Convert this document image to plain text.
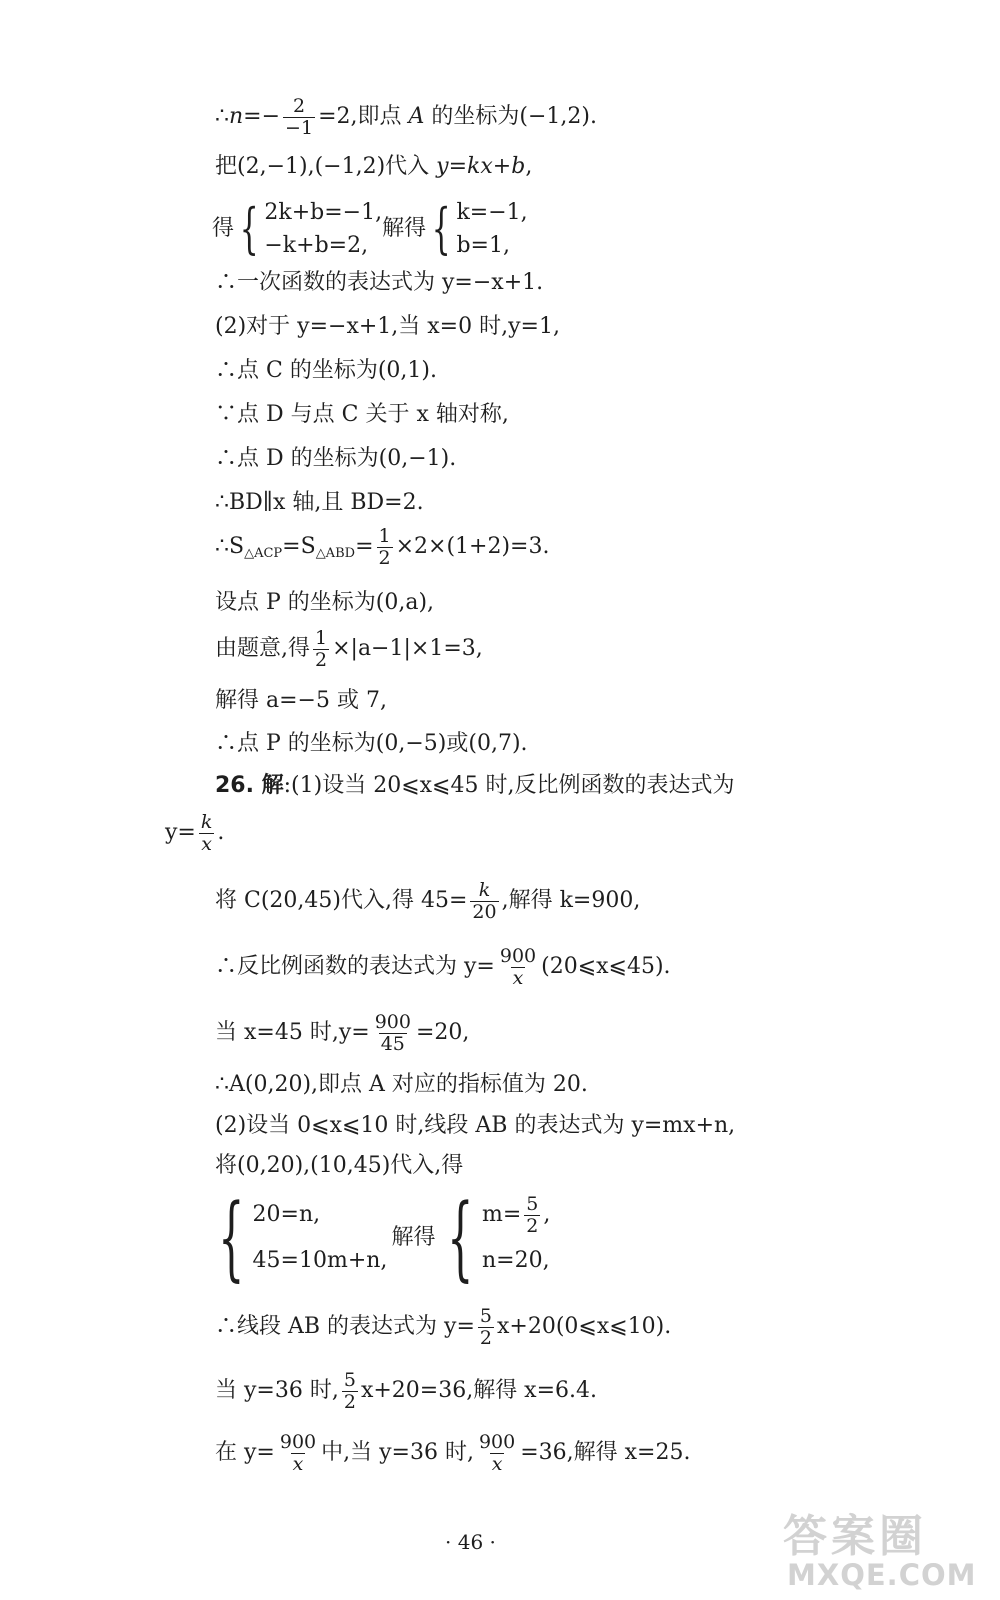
∴n=− $\frac{2}{-1} =2$,即点 A 的坐标为(−1,2).
把(2,−1),(−1,2)代入 y=kx+b,
得 { 2k+b=−1,
−k+b=2,
解得 { k=−1,
b=1,
∴一次函数的表达式为 y=−x+1.
(2)对于 y=−x+1,当 x=0 时,y=1,
∴点 C 的坐标为(0,1).
∵点 D 与点 C 关于 x 轴对称,
∴点 D 的坐标为(0,−1).
∴BD∥x 轴,且 BD=2.
$\therefore S_{\triangle ACP}=S_{\triangle ABD}= \frac{1}{2} \times 2\times(1+2)=3$.
设点 P 的坐标为(0,a),
由题意,得 $\frac{1}{2} \times|a-1|\times 1=3$,
解得 a=−5 或 7,
∴点 P 的坐标为(0,−5)或(0,7).
26. 解:(1)设当 20⩽x⩽45 时,反比例函数的表达式为
$y= \frac{k}{x}$ .
将 C(20,45)代入,得 $45= \frac{k}{20}$ ,解得 k=900,
∴反比例函数的表达式为 $y= \frac{900}{x}$ (20⩽x⩽45).
当 x=45 时$,y= \frac{900}{45} =20$,
∴A(0,20),即点 A 对应的指标值为 20.
(2)设当 0⩽x⩽10 时,线段 AB 的表达式为 y=mx+n,
将(0,20),(10,45)代入,得
{ 20=n,
45=10m+n,
解得 { $m= \frac{5}{2}$ ,
n=20,
∴线段 AB 的表达式为 $y= \frac{5}{2}$ x+20(0⩽x⩽10).
当 y=36 时, $\frac{5}{2} x+20=36$,解得 x=6.4.
在 $y= \frac{900}{x}$ 中,当 y=36 时, $\frac{900}{x} =36$,解得 x=25.
· 46 ·	答案圈
MXQE.COM
